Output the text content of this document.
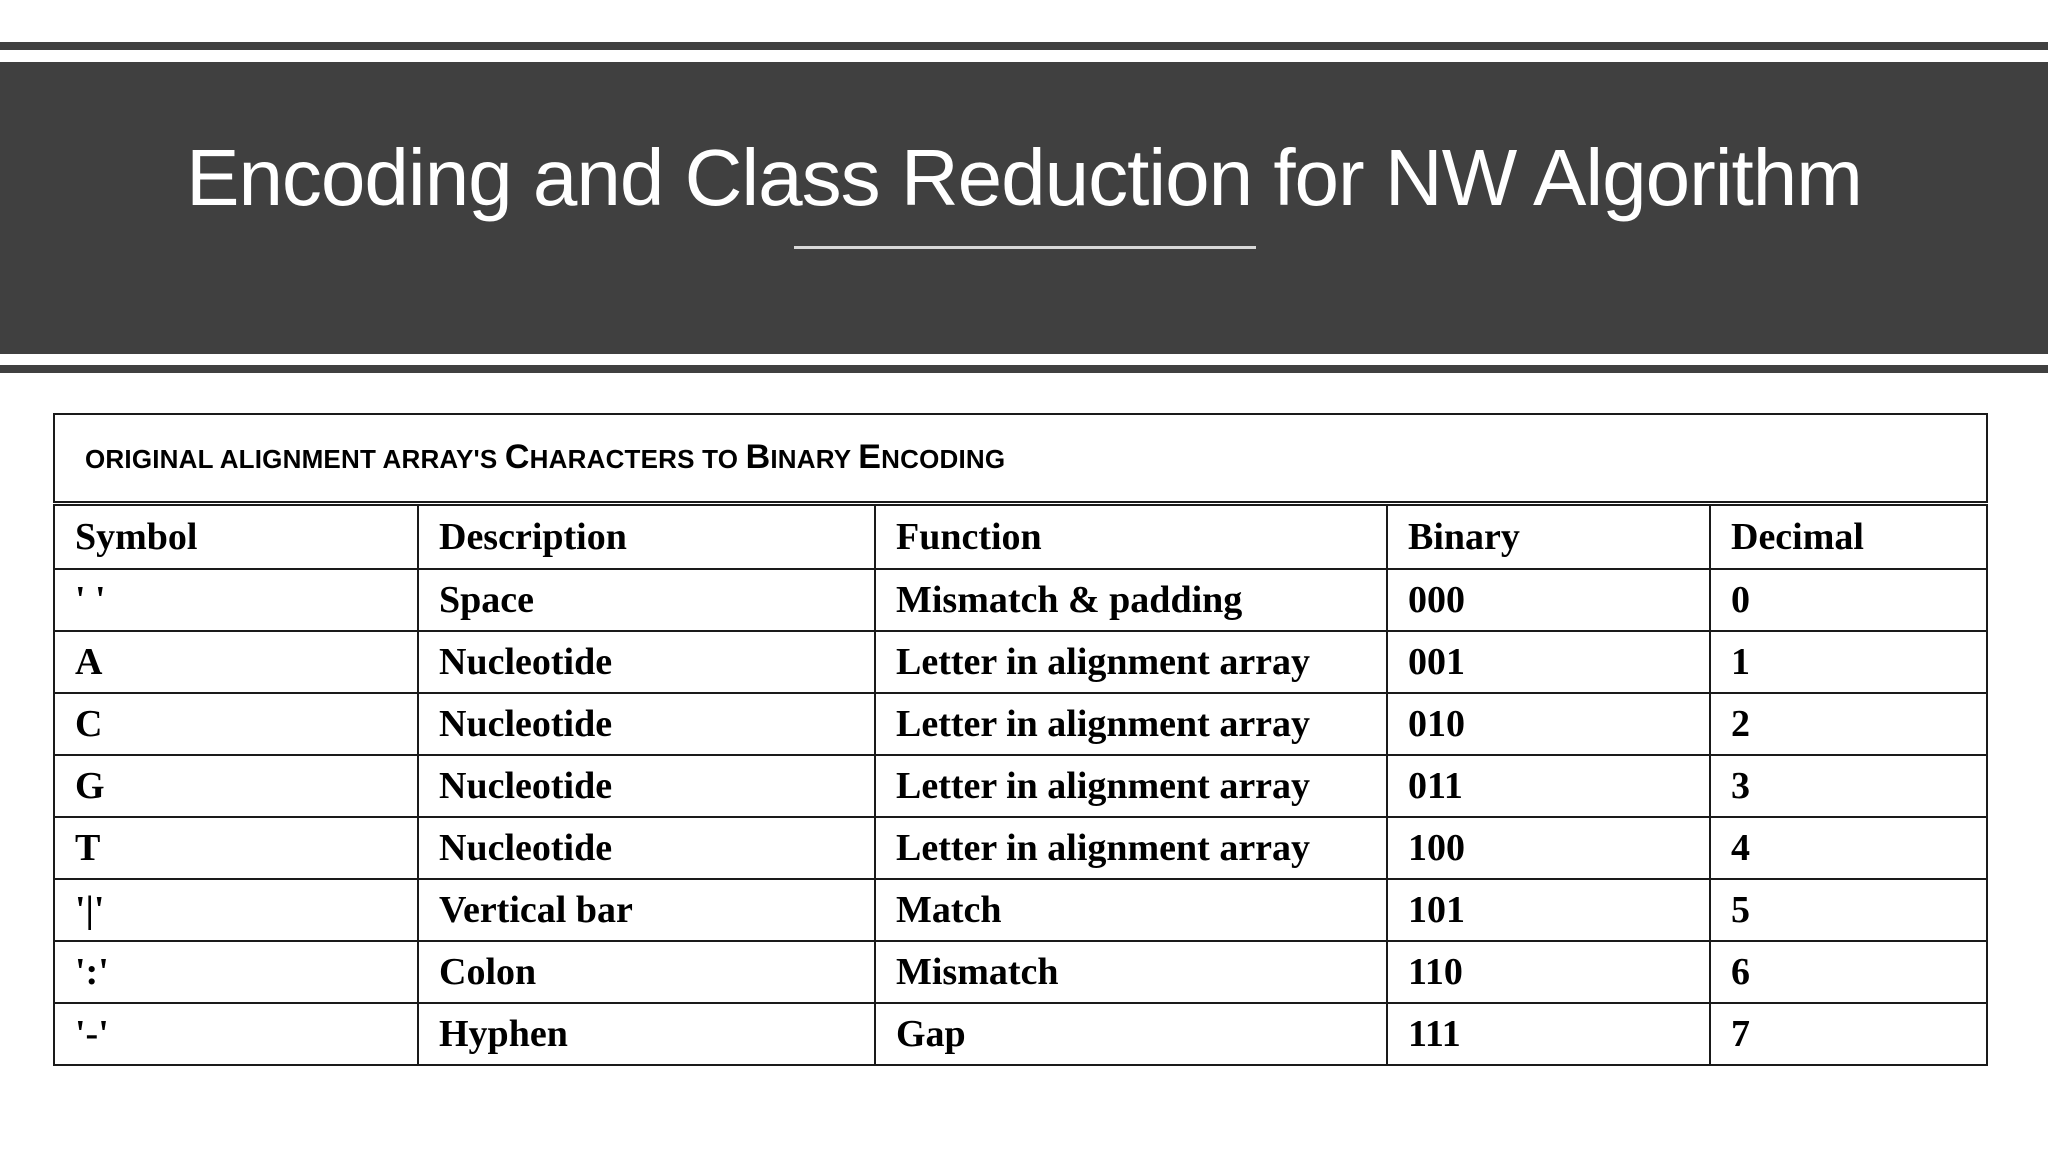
Encoding and Class Reduction for NW Algorithm
ORIGINAL ALIGNMENT ARRAY'S CHARACTERS TO BINARY ENCODING				
Symbol	Description	Function	Binary	Decimal
' '	Space	Mismatch & padding	000	0
A	Nucleotide	Letter in alignment array	001	1
C	Nucleotide	Letter in alignment array	010	2
G	Nucleotide	Letter in alignment array	011	3
T	Nucleotide	Letter in alignment array	100	4
'|'	Vertical bar	Match	101	5
':'	Colon	Mismatch	110	6
'-'	Hyphen	Gap	111	7
